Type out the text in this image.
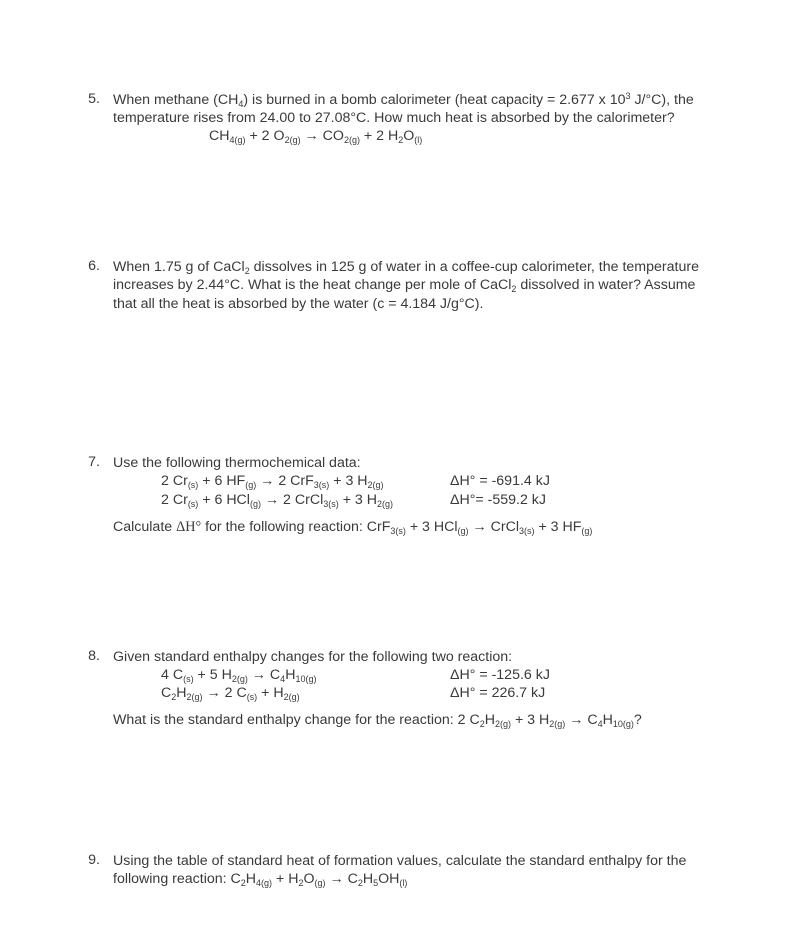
5. When methane $(CH_4)$ is burned in a bomb calorimeter (heat capacity = 2.677 x $10^3$ J/°C), the
temperature rises from 24.00 to 27.08°C. How much heat is absorbed by the calorimeter?
$CH_{4(g)} + 2$ $O_{2(g)} \to CO_{2(g)} + 2$ $H_2O_{(l)}$
6. When 1.75 g of CaCl$_2$ dissolves in 125 g of water in a coffee-cup calorimeter, the temperature
increases by 2.44°C. What is the heat change per mole of CaCl$_2$ dissolved in water? Assume
that all the heat is absorbed by the water (c = 4.184 J/g°C).
7. Use the following thermochemical data:
2 $Cr_{(s)} + 6$ $HF_{(g)} \to 2$ CrF$_{3(s)}$ + 3 $H_{2(g)}$	ΔH° = -691.4 kJ
2 $Cr_{(s)} + 6$ HCl$_{(g)}$ → 2 CrCl$_{3(s)}$ + 3 $H_{2(g)}$	ΔH°= -559.2 kJ
Calculate ΔH° for the following reaction: CrF$_{3(s)}$ + 3 HCl$_{(g)}$ → CrCl$_{3(s)}$ + 3 $HF_{(g)}$
8. Given standard enthalpy changes for the following two reaction:
4 $C_{(s)} + 5$ $H_{2(g)} \to C_4H_{10(g)}$	ΔH° = -125.6 kJ
$C_2H_{2(g)} \to 2$ $C_{(s)} + H_{2(g)}$	ΔH° = 226.7 kJ
What is the standard enthalpy change for the reaction: 2 $C_2H_{2(g)} + 3$ $H_{2(g)} \to C_4H_{10(g)}$?
9. Using the table of standard heat of formation values, calculate the standard enthalpy for the
following reaction: $C_2H_{4(g)} + H_2O_{(g)} \to C_2H_5OH_{(l)}$
